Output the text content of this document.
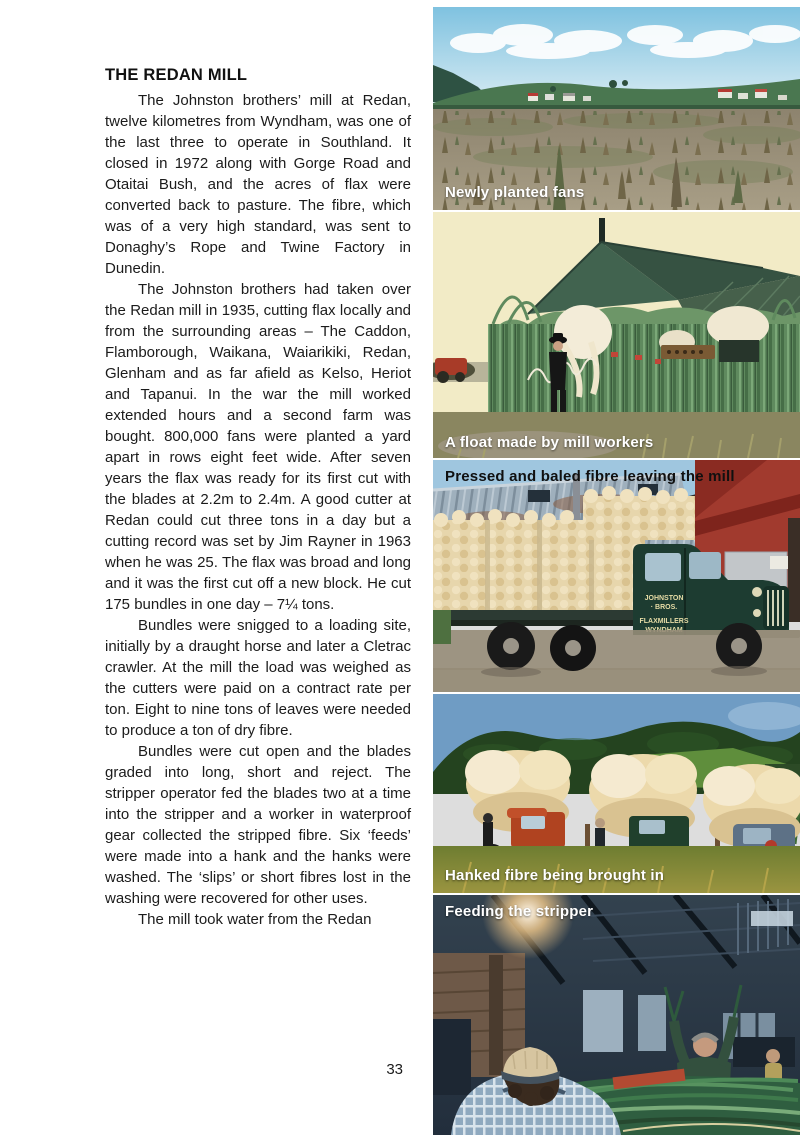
THE REDAN MILL

The Johnston brothers’ mill at Redan, twelve kilometres from Wyndham, was one of the last three to operate in Southland. It closed in 1972 along with Gorge Road and Otaitai Bush, and the acres of flax were converted back to pasture. The fibre, which was of a very high standard, was sent to Donaghy’s Rope and Twine Factory in Dunedin.

The Johnston brothers had taken over the Redan mill in 1935, cutting flax locally and from the surrounding areas – The Caddon, Flamborough, Waikana, Waiarikiki, Redan, Glenham and as far afield as Kelso, Heriot and Tapanui. In the war the mill worked extended hours and a second farm was bought. 800,000 fans were planted a yard apart in rows eight feet wide. After seven years the flax was ready for its first cut with the blades at 2.2m to 2.4m. A good cutter at Redan could cut three tons in a day but a cutting record was set by Jim Rayner in 1963 when he was 25. The flax was broad and long and it was the first cut off a new block. He cut 175 bundles in one day – 7¼ tons.

Bundles were snigged to a loading site, initially by a draught horse and later a Cletrac crawler. At the mill the load was weighed as the cutters were paid on a contract rate per ton. Eight to nine tons of leaves were needed to produce a ton of dry fibre.

Bundles were cut open and the blades graded into long, short and reject. The stripper operator fed the blades two at a time into the stripper and a worker in waterproof gear collected the stripped fibre. Six ‘feeds’ were made into a hank and the hanks were washed. The ‘slips’ or short fibres lost in the washing were recovered for other uses.

The mill took water from the Redan

33
Newly planted fans
A float made by mill workers
JOHNSTON
· BROS.
FLAXMILLERS
Pressed and baled fibre leaving the mill
Hanked fibre being brought in
Feeding the stripper
